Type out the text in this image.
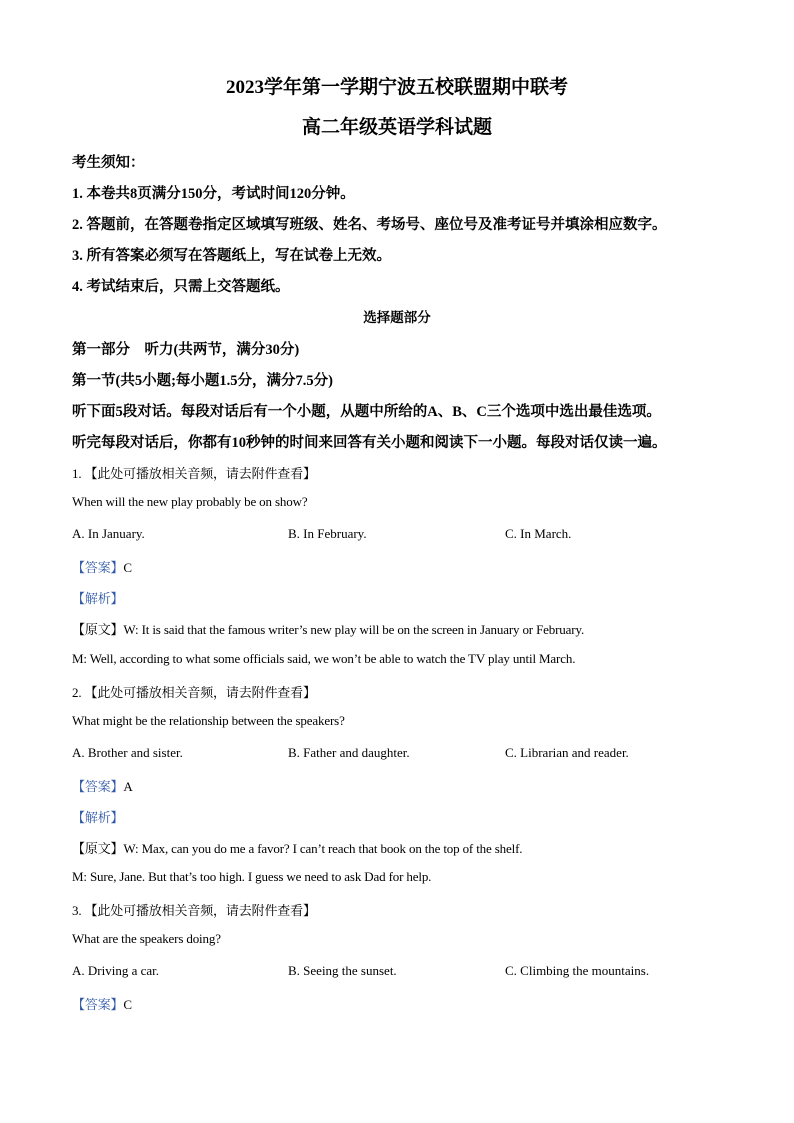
2023学年第一学期宁波五校联盟期中联考
高二年级英语学科试题
考生须知：
1. 本卷共8页满分150分，考试时间120分钟。
2. 答题前，在答题卷指定区域填写班级、姓名、考场号、座位号及准考证号并填涂相应数字。
3. 所有答案必须写在答题纸上，写在试卷上无效。
4. 考试结束后，只需上交答题纸。
选择题部分
第一部分　听力(共两节，满分30分)
第一节(共5小题;每小题1.5分，满分7.5分)
听下面5段对话。每段对话后有一个小题，从题中所给的A、B、C三个选项中选出最佳选项。
听完每段对话后，你都有10秒钟的时间来回答有关小题和阅读下一小题。每段对话仅读一遍。
1. 【此处可播放相关音频，请去附件查看】
When will the new play probably be on show?
A. In January.	B. In February.	C. In March.
【答案】C
【解析】
【原文】W: It is said that the famous writer’s new play will be on the screen in January or February.
M: Well, according to what some officials said, we won’t be able to watch the TV play until March.
2. 【此处可播放相关音频，请去附件查看】
What might be the relationship between the speakers?
A. Brother and sister.	B. Father and daughter.	C. Librarian and reader.
【答案】A
【解析】
【原文】W: Max, can you do me a favor? I can’t reach that book on the top of the shelf.
M: Sure, Jane. But that’s too high. I guess we need to ask Dad for help.
3. 【此处可播放相关音频，请去附件查看】
What are the speakers doing?
A. Driving a car.	B. Seeing the sunset.	C. Climbing the mountains.
【答案】C
